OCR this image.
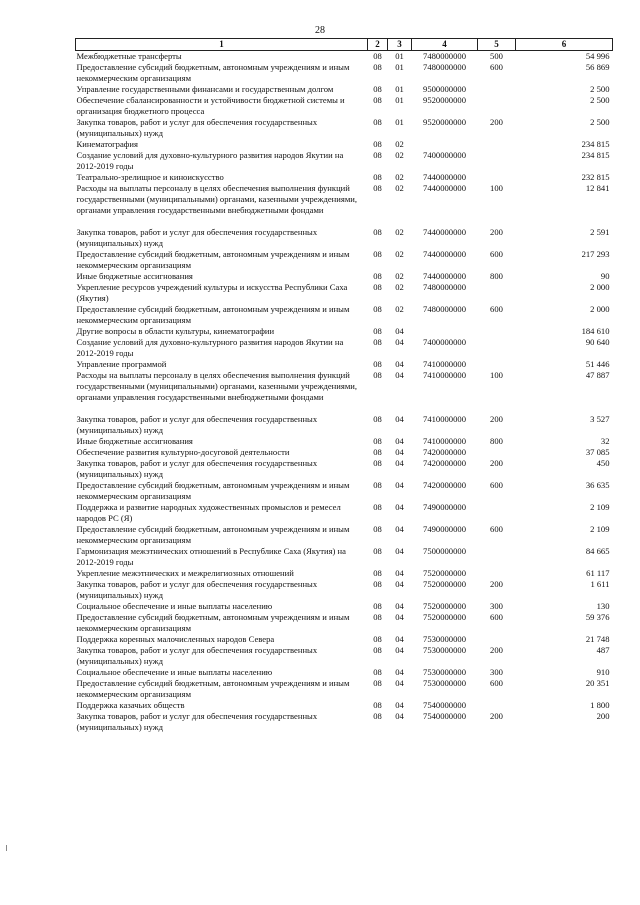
28
1	2	3	4	5	6
Межбюджетные трансферты	08	01	7480000000	500	54 996
Предоставление субсидий бюджетным, автономным учреждениям и иным некоммерческим организациям	08	01	7480000000	600	56 869
Управление государственными финансами и государственным долгом	08	01	9500000000		2 500
Обеспечение сбалансированности и устойчивости бюджетной системы и организация бюджетного процесса	08	01	9520000000		2 500
Закупка товаров, работ и услуг для обеспечения государственных (муниципальных) нужд	08	01	9520000000	200	2 500
Кинематография	08	02			234 815
Создание условий для духовно-культурного развития народов Якутии на 2012-2019 годы	08	02	7400000000		234 815
Театрально-зрелищное и киноискусство	08	02	7440000000		232 815
Расходы на выплаты персоналу в целях обеспечения выполнения функций государственными (муниципальными) органами, казенными учреждениями, органами управления государственными внебюджетными фондами	08	02	7440000000	100	12 841

Закупка товаров, работ и услуг для обеспечения государственных (муниципальных) нужд	08	02	7440000000	200	2 591
Предоставление субсидий бюджетным, автономным учреждениям и иным некоммерческим организациям	08	02	7440000000	600	217 293
Иные бюджетные ассигнования	08	02	7440000000	800	90
Укрепление ресурсов учреждений культуры и искусства Республики Саха (Якутия)	08	02	7480000000		2 000
Предоставление субсидий бюджетным, автономным учреждениям и иным некоммерческим организациям	08	02	7480000000	600	2 000
Другие вопросы в области культуры, кинематографии	08	04			184 610
Создание условий для духовно-культурного развития народов Якутии на 2012-2019 годы	08	04	7400000000		90 640
Управление программой	08	04	7410000000		51 446
Расходы на выплаты персоналу в целях обеспечения выполнения функций государственными (муниципальными) органами, казенными учреждениями, органами управления государственными внебюджетными фондами	08	04	7410000000	100	47 887

Закупка товаров, работ и услуг для обеспечения государственных (муниципальных) нужд	08	04	7410000000	200	3 527
Иные бюджетные ассигнования	08	04	7410000000	800	32
Обеспечение развития культурно-досуговой деятельности	08	04	7420000000		37 085
Закупка товаров, работ и услуг для обеспечения государственных (муниципальных) нужд	08	04	7420000000	200	450
Предоставление субсидий бюджетным, автономным учреждениям и иным некоммерческим организациям	08	04	7420000000	600	36 635
Поддержка и развитие народных художественных промыслов и ремесел народов РС (Я)	08	04	7490000000		2 109
Предоставление субсидий бюджетным, автономным учреждениям и иным некоммерческим организациям	08	04	7490000000	600	2 109
Гармонизация межэтнических отношений в Республике Саха (Якутия) на 2012-2019 годы	08	04	7500000000		84 665
Укрепление межэтнических и межрелигиозных отношений	08	04	7520000000		61 117
Закупка товаров, работ и услуг для обеспечения государственных (муниципальных) нужд	08	04	7520000000	200	1 611
Социальное обеспечение и иные выплаты населению	08	04	7520000000	300	130
Предоставление субсидий бюджетным, автономным учреждениям и иным некоммерческим организациям	08	04	7520000000	600	59 376
Поддержка коренных малочисленных народов Севера	08	04	7530000000		21 748
Закупка товаров, работ и услуг для обеспечения государственных (муниципальных) нужд	08	04	7530000000	200	487
Социальное обеспечение и иные выплаты населению	08	04	7530000000	300	910
Предоставление субсидий бюджетным, автономным учреждениям и иным некоммерческим организациям	08	04	7530000000	600	20 351
Поддержка казачьих обществ	08	04	7540000000		1 800
Закупка товаров, работ и услуг для обеспечения государственных (муниципальных) нужд	08	04	7540000000	200	200
